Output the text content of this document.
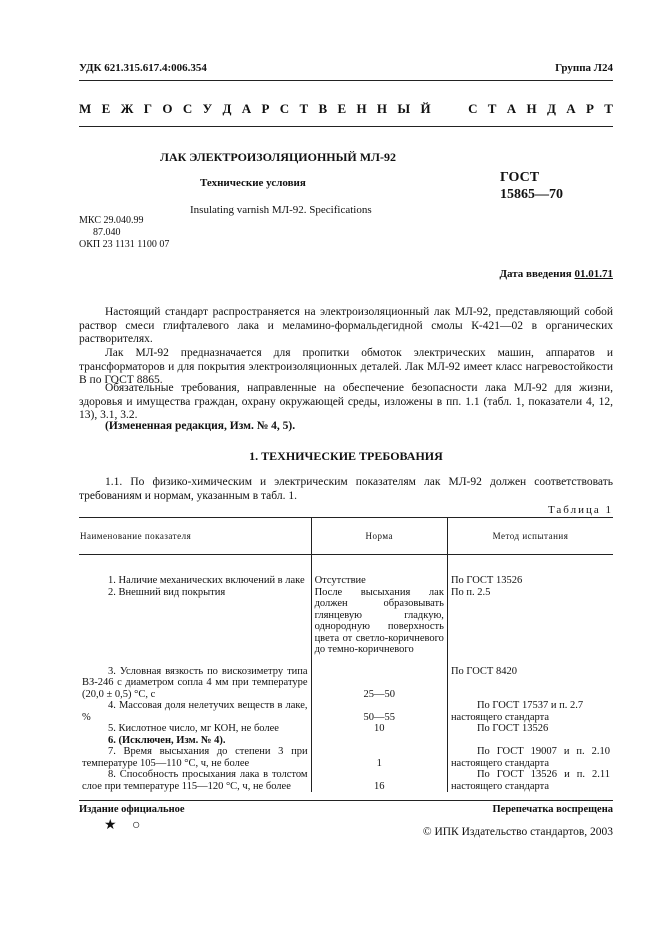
УДК 621.315.617.4:006.354	Группа Л24
М Е Ж Г О С У Д А Р С Т В Е Н Н Ы Й

	С Т А Н Д А Р Т
ЛАК ЭЛЕКТРОИЗОЛЯЦИОННЫЙ МЛ-92
Технические условия	ГОСТ
15865—70
Insulating varnish МЛ-92. Specifications
МКС 29.040.99
87.040
ОКП 23 1131 1100 07
Дата введения 01.01.71
Настоящий стандарт распространяется на электроизоляционный лак МЛ-92, представляющий собой раствор смеси глифталевого лака и меламино-формальдегидной смолы К-421—02 в органических растворителях.
Лак МЛ-92 предназначается для пропитки обмоток электрических машин, аппаратов и трансформаторов и для покрытия электроизоляционных деталей. Лак МЛ-92 имеет класс нагревостойкости В по ГОСТ 8865.
Обязательные требования, направленные на обеспечение безопасности лака МЛ-92 для жизни, здоровья и имущества граждан, охрану окружающей среды, изложены в пп. 1.1 (табл. 1, показатели 4, 12, 13), 3.1, 3.2.
(Измененная редакция, Изм. № 4, 5).
1. ТЕХНИЧЕСКИЕ ТРЕБОВАНИЯ
1.1. По физико-химическим и электрическим показателям лак МЛ-92 должен соответствовать требованиям и нормам, указанным в табл. 1.
Таблица 1
Наименование показателя	Норма	Метод испытания
1. Наличие механических включений в лаке	Отсутствие	По ГОСТ 13526
2. Внешний вид покрытия	После высыхания лак должен образовывать глянцевую гладкую, однородную поверхность цвета от светло-коричневого до темно-коричневого	По п. 2.5
3. Условная вязкость по вискозиметру типа ВЗ-246 с диаметром сопла 4 мм при температуре (20,0 ± 0,5) °С, с	25—50	По ГОСТ 8420
4. Массовая доля нелетучих веществ в лаке, %	50—55	По ГОСТ 17537 и п. 2.7 настоящего стандарта
5. Кислотное число, мг КОН, не более	10	По ГОСТ 13526
6. (Исключен, Изм. № 4).		
7. Время высыхания до степени 3 при температуре 105—110 °С, ч, не более	1	По ГОСТ 19007 и п. 2.10 настоящего стандарта
8. Способность просыхания лака в толстом слое при температуре 115—120 °С, ч, не более	16	По ГОСТ 13526 и п. 2.11 настоящего стандарта
Издание официальное	Перепечатка воспрещена
★ ○	© ИПК Издательство стандартов, 2003
